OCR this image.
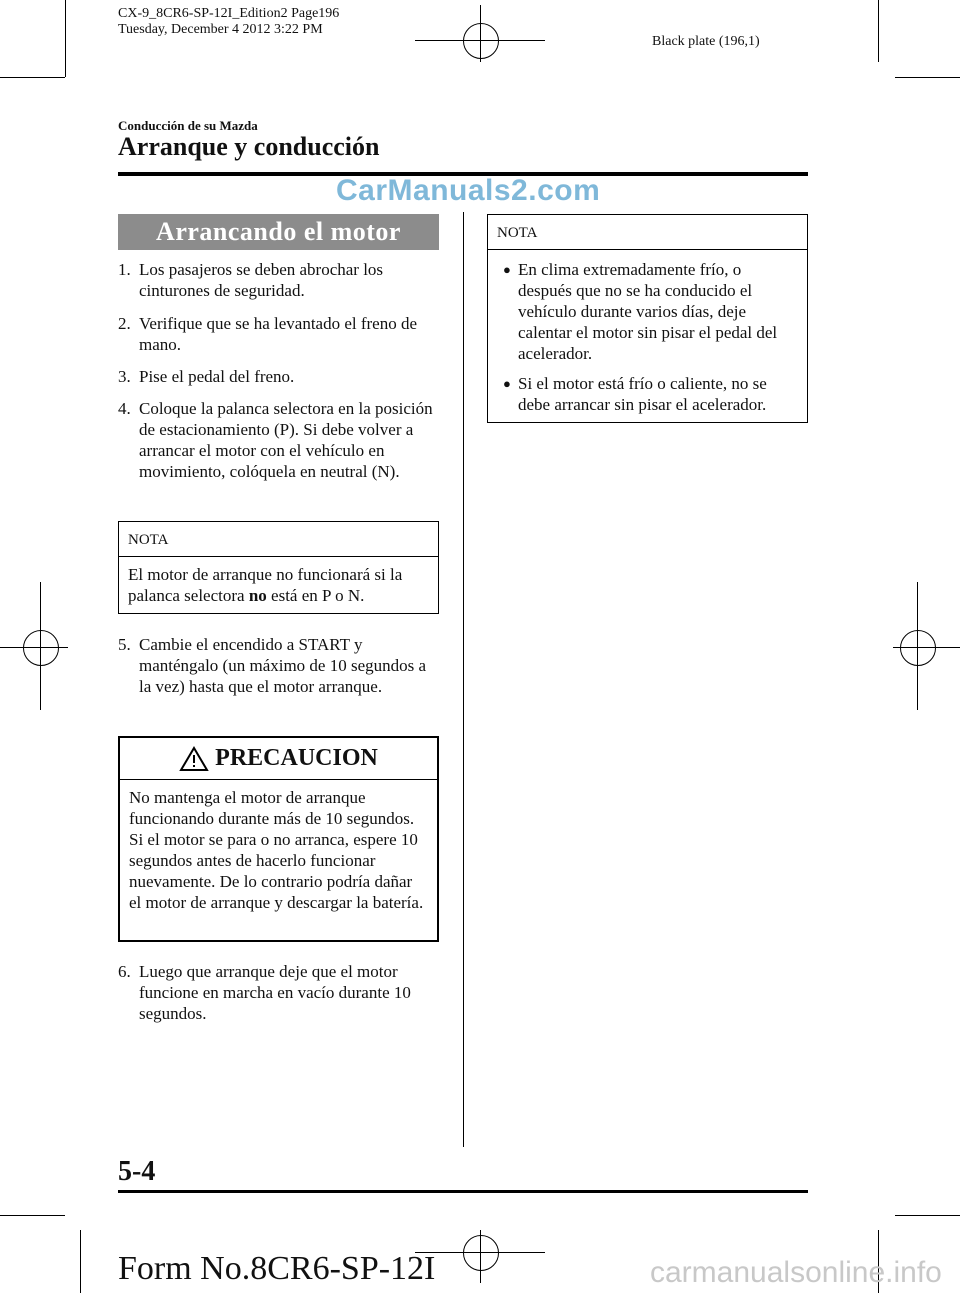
CX-9_8CR6-SP-12I_Edition2 Page196
Tuesday, December 4 2012 3:22 PM
Black plate (196,1)
Conducción de su Mazda
Arranque y conducción
CarManuals2.com
Arrancando el motor
1. Los pasajeros se deben abrochar los cinturones de seguridad.
2. Verifique que se ha levantado el freno de mano.
3. Pise el pedal del freno.
4. Coloque la palanca selectora en la posición de estacionamiento (P). Si debe volver a arrancar el motor con el vehículo en movimiento, colóquela en neutral (N).
NOTA
El motor de arranque no funcionará si la palanca selectora no está en P o N.
5. Cambie el encendido a START y manténgalo (un máximo de 10 segundos a la vez) hasta que el motor arranque.
PRECAUCION
No mantenga el motor de arranque funcionando durante más de 10 segundos. Si el motor se para o no arranca, espere 10 segundos antes de hacerlo funcionar nuevamente. De lo contrario podría dañar el motor de arranque y descargar la batería.
6. Luego que arranque deje que el motor funcione en marcha en vacío durante 10 segundos.
NOTA
● En clima extremadamente frío, o después que no se ha conducido el vehículo durante varios días, deje calentar el motor sin pisar el pedal del acelerador.
● Si el motor está frío o caliente, no se debe arrancar sin pisar el acelerador.
5-4
Form No.8CR6-SP-12I	carmanualsonline.info
